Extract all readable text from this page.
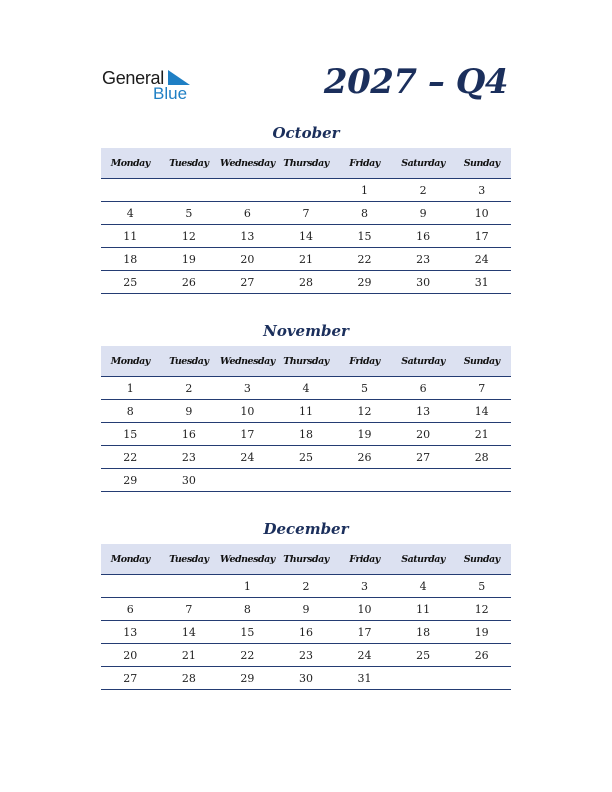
General
Blue	2027 – Q4
October
Monday	Tuesday	Wednesday	Thursday	Friday	Saturday	Sunday
				1	2	3
4	5	6	7	8	9	10
11	12	13	14	15	16	17
18	19	20	21	22	23	24
25	26	27	28	29	30	31
November
Monday	Tuesday	Wednesday	Thursday	Friday	Saturday	Sunday
1	2	3	4	5	6	7
8	9	10	11	12	13	14
15	16	17	18	19	20	21
22	23	24	25	26	27	28
29	30					
December
Monday	Tuesday	Wednesday	Thursday	Friday	Saturday	Sunday
		1	2	3	4	5
6	7	8	9	10	11	12
13	14	15	16	17	18	19
20	21	22	23	24	25	26
27	28	29	30	31		
